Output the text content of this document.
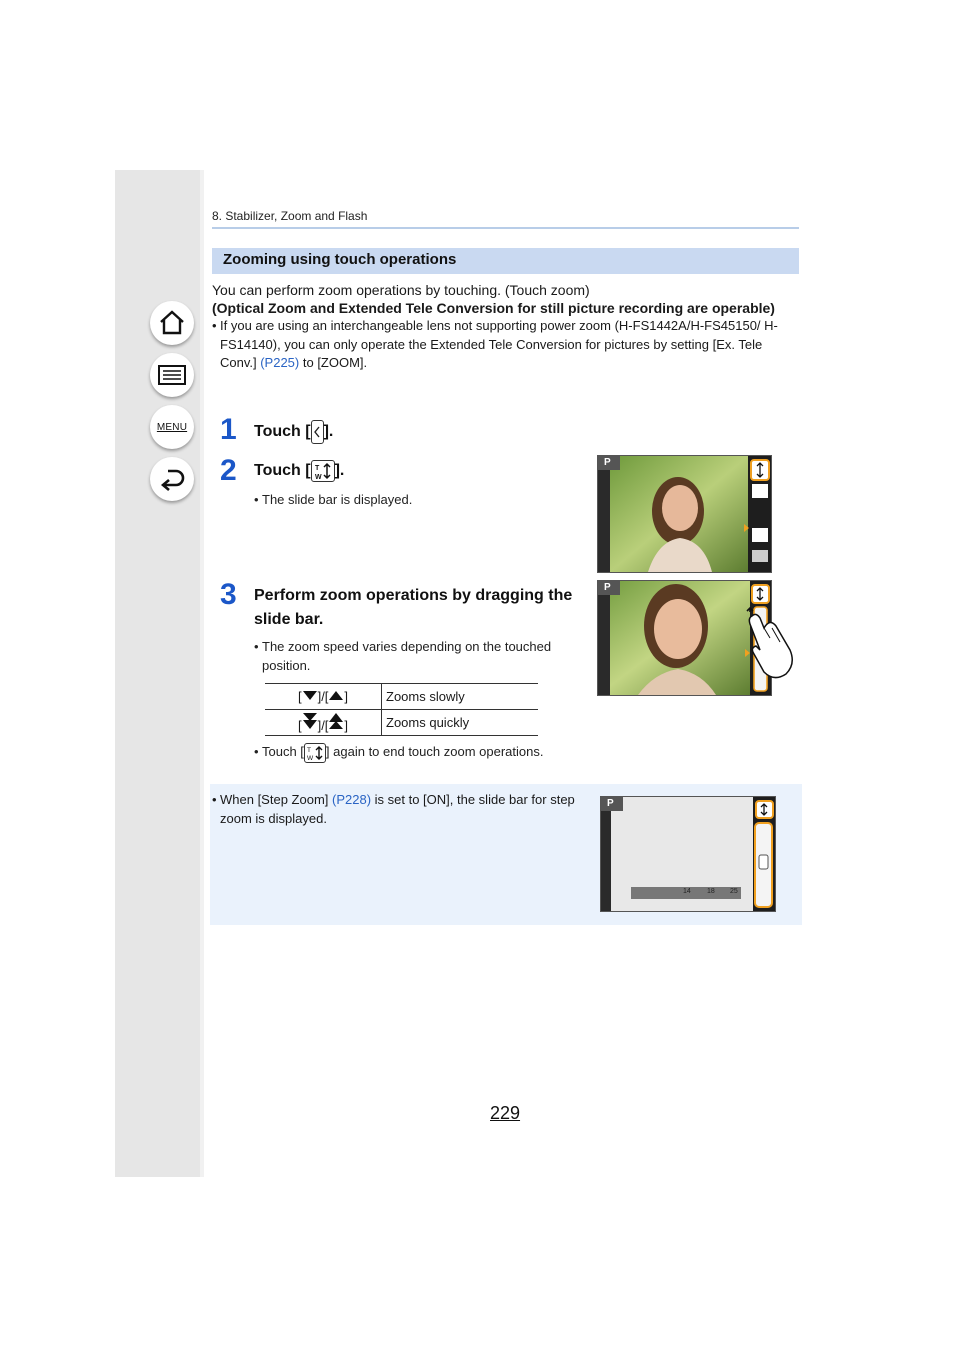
MENU
8. Stabilizer, Zoom and Flash
Zooming using touch operations
You can perform zoom operations by touching. (Touch zoom)
(Optical Zoom and Extended Tele Conversion for still picture recording are operable)
• If you are using an interchangeable lens not supporting power zoom (H-FS1442A/H-FS45150/ H-FS14140), you can only operate the Extended Tele Conversion for pictures by setting [Ex. Tele Conv.] (P225) to [ZOOM].
1 Touch [ ].
2 Touch [ T
W ].
• The slide bar is displayed.
P
3 Perform zoom operations by dragging the slide bar.
• The zoom speed varies depending on the touched position.
P
[ ]/[ ]	Zooms slowly
[ ]/[ ]	Zooms quickly
• Touch [ T
W ] again to end touch zoom operations.
• When [Step Zoom] (P228) is set to [ON], the slide bar for step zoom is displayed.
P
14 18 25
229
